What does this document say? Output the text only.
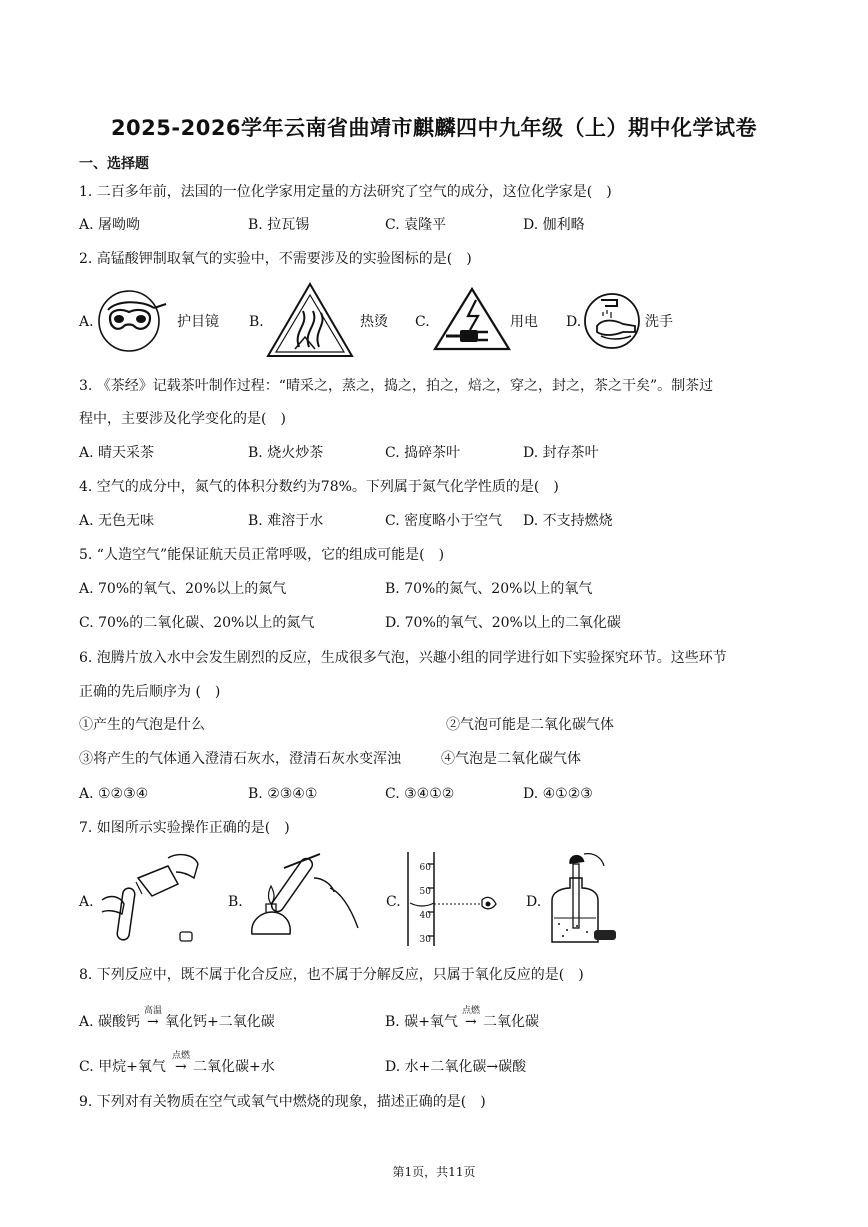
2025-2026学年云南省曲靖市麒麟四中九年级（上）期中化学试卷
一、选择题
1. 二百多年前，法国的一位化学家用定量的方法研究了空气的成分，这位化学家是(　)
A. 屠呦呦	B. 拉瓦锡	C. 袁隆平	D. 伽利略
2. 高锰酸钾制取氧气的实验中，不需要涉及的实验图标的是(　)
A.	护目镜 B.	热烫 C.	用电 D.	洗手
3. 《茶经》记载茶叶制作过程：“晴采之，蒸之，捣之，拍之，焙之，穿之，封之，茶之干矣”。制茶过
程中，主要涉及化学变化的是(　)
A. 晴天采茶	B. 烧火炒茶	C. 捣碎茶叶	D. 封存茶叶
4. 空气的成分中，氮气的体积分数约为78%。下列属于氮气化学性质的是(　)
A. 无色无味	B. 难溶于水	C. 密度略小于空气 D. 不支持燃烧
5. “人造空气”能保证航天员正常呼吸，它的组成可能是(　)
A. 70%的氧气、20%以上的氮气	B. 70%的氮气、20%以上的氧气
C. 70%的二氧化碳、20%以上的氮气	D. 70%的氧气、20%以上的二氧化碳
6. 泡腾片放入水中会发生剧烈的反应，生成很多气泡，兴趣小组的同学进行如下实验探究环节。这些环节
正确的先后顺序为 (　)
①产生的气泡是什么	②气泡可能是二氧化碳气体
③将产生的气体通入澄清石灰水，澄清石灰水变浑浊	④气泡是二氧化碳气体
A. ①②③④	B. ②③④①	C. ③④①②	D. ④①②③
7. 如图所示实验操作正确的是(　)
A.	B.	C.
60
50
40
30
D.
8. 下列反应中，既不属于化合反应，也不属于分解反应，只属于氧化反应的是(　)
A. 碳酸钙
高温
→ 氧化钙+二氧化碳	B. 碳+氧气
点燃
→ 二氧化碳
C. 甲烷+氧气
点燃
→ 二氧化碳+水	D. 水+二氧化碳→碳酸
9. 下列对有关物质在空气或氧气中燃烧的现象，描述正确的是(　)
第1页，共11页
